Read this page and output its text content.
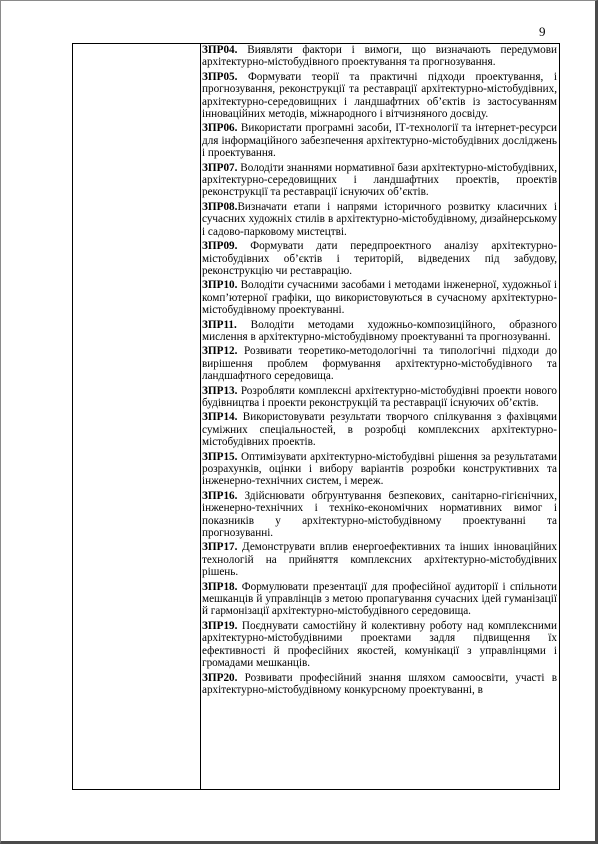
9

ЗПР04. Виявляти фактори і вимоги, що визначають передумови архітектурно-містобудівного проектування та прогнозування.

ЗПР05. Формувати теорії та практичні підходи проектування, і прогнозування, реконструкції та реставрації архітектурно-містобудівних, архітектурно-середовищних і ландшафтних об’єктів із застосуванням інноваційних методів, міжнародного і вітчизняного досвіду.

ЗПР06. Використати програмні засоби, ІТ-технології та інтернет-ресурси для інформаційного забезпечення архітектурно-містобудівних досліджень і проектування.

ЗПР07. Володіти знаннями нормативної бази архітектурно-містобудівних, архітектурно-середовищних і ландшафтних проектів, проектів реконструкції та реставрації існуючих об’єктів.

ЗПР08.Визначати етапи і напрями історичного розвитку класичних і сучасних художніх стилів в архітектурно-містобудівному, дизайнерському і садово-парковому мистецтві.

ЗПР09. Формувати дати передпроектного аналізу архітектурно-містобудівних об’єктів і територій, відведених під забудову, реконструкцію чи реставрацію.

ЗПР10. Володіти сучасними засобами і методами інженерної, художньої і комп’ютерної графіки, що використовуються в сучасному архітектурно-містобудівному проектуванні.

ЗПР11. Володіти методами художньо-композиційного, образного мислення в архітектурно-містобудівному проектуванні та прогнозуванні.

ЗПР12. Розвивати теоретико-методологічні та типологічні підходи до вирішення проблем формування архітектурно-містобудівного та ландшафтного середовища.

ЗПР13. Розробляти комплексні архітектурно-містобудівні проекти нового будівництва і проекти реконструкцій та реставрації існуючих об’єктів.

ЗПР14. Використовувати результати творчого спілкування з фахівцями суміжних спеціальностей, в розробці комплексних архітектурно-містобудівних проектів.

ЗПР15. Оптимізувати архітектурно-містобудівні рішення за результатами розрахунків, оцінки і вибору варіантів розробки конструктивних та інженерно-технічних систем, і мереж.

ЗПР16. Здійснювати обґрунтування безпекових, санітарно-гігієнічних, інженерно-технічних і техніко-економічних нормативних вимог і показників у архітектурно-містобудівному проектуванні та прогнозуванні.

ЗПР17. Демонструвати вплив енергоефективних та інших інноваційних технологій на прийняття комплексних архітектурно-містобудівних рішень.

ЗПР18. Формулювати презентації для професійної аудиторії і спільноти мешканців й управлінців з метою пропагування сучасних ідей гуманізації й гармонізації архітектурно-містобудівного середовища.

ЗПР19. Поєднувати самостійну й колективну роботу над комплексними архітектурно-містобудівними проектами задля підвищення їх ефективності й професійних якостей, комунікації з управлінцями і громадами мешканців.

ЗПР20. Розвивати професійний знання шляхом самоосвіти, участі в архітектурно-містобудівному конкурсному проектуванні, в
